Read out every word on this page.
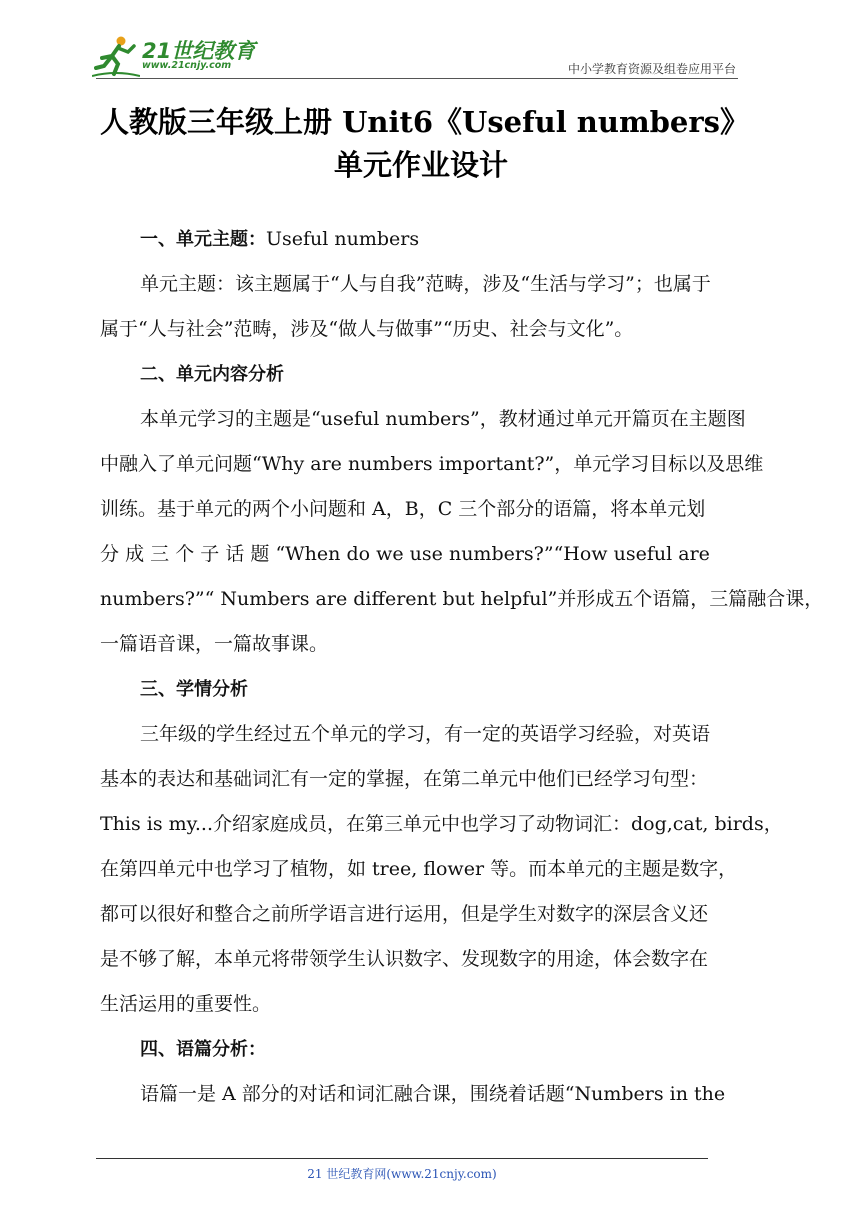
21世纪教育
www.21cnjy.com	中小学教育资源及组卷应用平台
人教版三年级上册 Unit6《Useful numbers》
单元作业设计

一、单元主题：Useful numbers

单元主题：该主题属于“人与自我”范畴，涉及“生活与学习”；也属于
属于“人与社会”范畴，涉及“做人与做事”“历史、社会与文化”。

二、单元内容分析

本单元学习的主题是“useful numbers”，教材通过单元开篇页在主题图
中融入了单元问题“Why are numbers important?”，单元学习目标以及思维
训练。基于单元的两个小问题和 A，B，C 三个部分的语篇，将本单元划
分 成 三 个 子 话 题 “When do we use numbers?”“How useful are
numbers?”“ Numbers are different but helpful”并形成五个语篇，三篇融合课，
一篇语音课，一篇故事课。

三、学情分析

三年级的学生经过五个单元的学习，有一定的英语学习经验，对英语
基本的表达和基础词汇有一定的掌握，在第二单元中他们已经学习句型：
This is my...介绍家庭成员，在第三单元中也学习了动物词汇：dog,cat, birds，
在第四单元中也学习了植物，如 tree, flower 等。而本单元的主题是数字，
都可以很好和整合之前所学语言进行运用，但是学生对数字的深层含义还
是不够了解，本单元将带领学生认识数字、发现数字的用途，体会数字在
生活运用的重要性。

四、语篇分析：

语篇一是 A 部分的对话和词汇融合课，围绕着话题“Numbers in the

21 世纪教育网(www.21cnjy.com)
